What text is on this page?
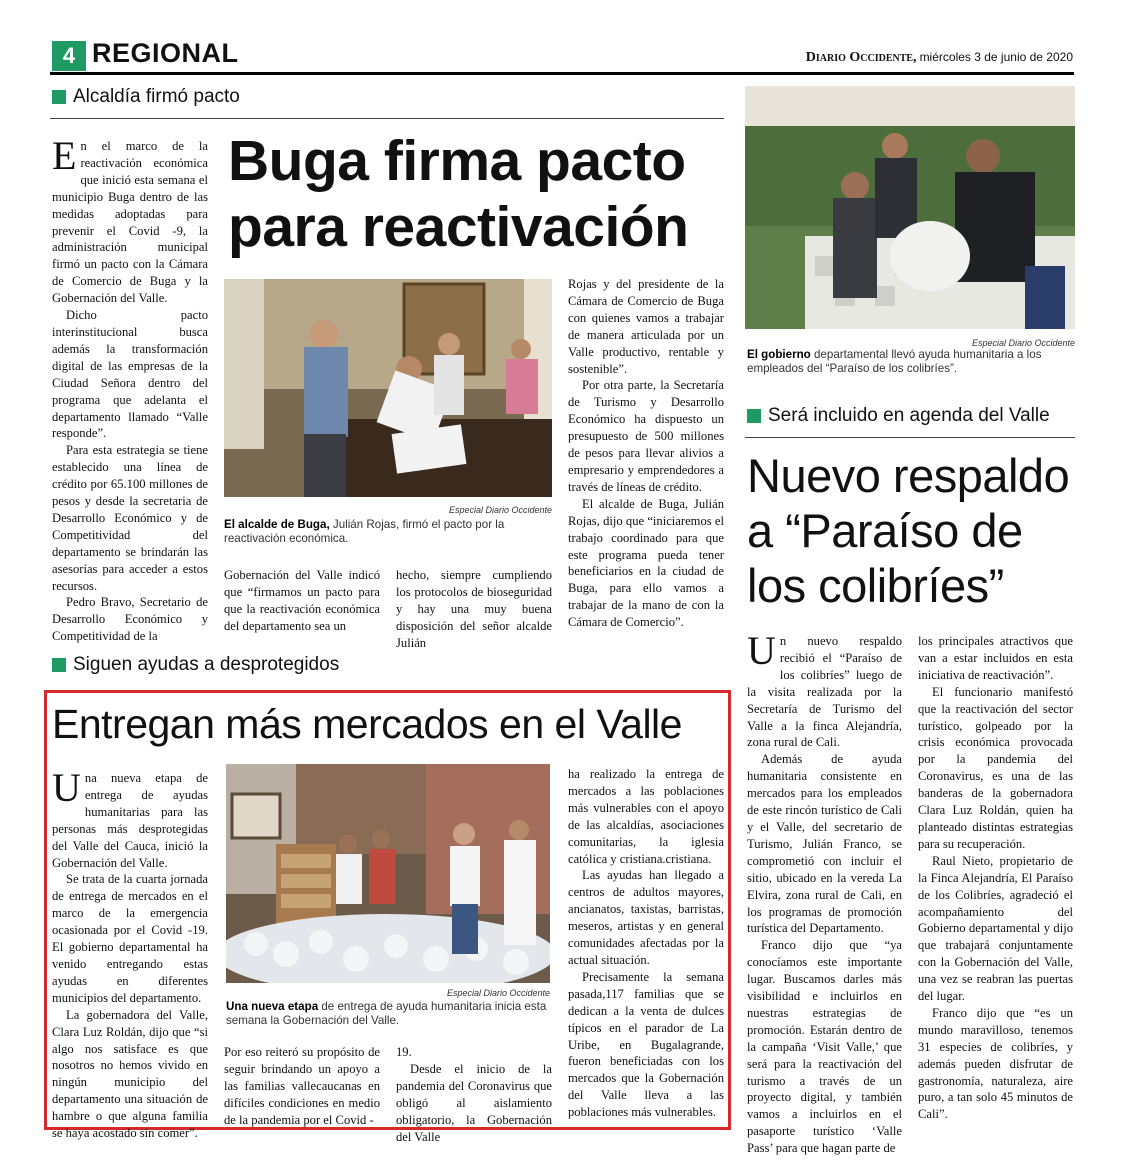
4 REGIONAL	Diario Occidente, miércoles 3 de junio de 2020
Alcaldía firmó pacto
Buga firma pacto
para reactivación

En el marco de la reactivación económica que inició esta semana el municipio Buga dentro de las medidas adoptadas para prevenir el Covid -9, la administración municipal firmó un pacto con la Cámara de Comercio de Buga y la Gobernación del Valle.

Dicho pacto interinstitucional busca además la transformación digital de las empresas de la Ciudad Señora dentro del programa que adelanta el departamento llamado “Valle responde”.

Para esta estrategia se tiene establecido una línea de crédito por 65.100 millones de pesos y desde la secretaria de Desarrollo Económico y de Competitividad del departamento se brindarán las asesorías para acceder a estos recursos.

Pedro Bravo, Secretario de Desarrollo Económico y Competitividad de la

Especial Diario Occidente
El alcalde de Buga, Julián Rojas, firmó el pacto por la reactivación económica.

Gobernación del Valle indicó que “firmamos un pacto para que la reactivación económica del departamento sea un

hecho, siempre cumpliendo los protocolos de bioseguridad y hay una muy buena disposición del señor alcalde Julián

Rojas y del presidente de la Cámara de Comercio de Buga con quienes vamos a trabajar de manera articulada por un Valle productivo, rentable y sostenible”.

Por otra parte, la Secretaría de Turismo y Desarrollo Económico ha dispuesto un presupuesto de 500 millones de pesos para llevar alivios a empresario y emprendedores a través de líneas de crédito.

El alcalde de Buga, Julián Rojas, dijo que “iniciaremos el trabajo coordinado para que este programa pueda tener beneficiarios en la ciudad de Buga, para ello vamos a trabajar de la mano de con la Cámara de Comercio”.

Especial Diario Occidente
El gobierno departamental llevó ayuda humanitaria a los empleados del “Paraíso de los colibríes”.
Será incluido en agenda del Valle
Nuevo respaldo
a “Paraíso de
los colibríes”

Un nuevo respaldo recibió el “Paraíso de los colibríes” luego de la visita realizada por la Secretaría de Turismo del Valle a la finca Alejandría, zona rural de Cali.

Además de ayuda humanitaria consistente en mercados para los empleados de este rincón turístico de Cali y el Valle, del secretario de Turismo, Julián Franco, se comprometió con incluir el sitio, ubicado en la vereda La Elvira, zona rural de Cali, en los programas de promoción turística del Departamento.

Franco dijo que “ya conocíamos este importante lugar. Buscamos darles más visibilidad e incluirlos en nuestras estrategias de promoción. Estarán dentro de la campaña ‘Visit Valle,’ que será para la reactivación del turismo a través de un proyecto digital, y también vamos a incluirlos en el pasaporte turístico ‘Valle Pass’ para que hagan parte de

los principales atractivos que van a estar incluidos en esta iniciativa de reactivación”.

El funcionario manifestó que la reactivación del sector turístico, golpeado por la crisis económica provocada por la pandemia del Coronavirus, es una de las banderas de la gobernadora Clara Luz Roldán, quien ha planteado distintas estrategias para su recuperación.

Raul Nieto, propietario de la Finca Alejandría, El Paraíso de los Colibríes, agradeció el acompañamiento del Gobierno departamental y dijo que trabajará conjuntamente con la Gobernación del Valle, una vez se reabran las puertas del lugar.

Franco dijo que “es un mundo maravilloso, tenemos 31 especies de colibríes, y además pueden disfrutar de gastronomía, naturaleza, aire puro, a tan solo 45 minutos de Cali”.

Siguen ayudas a desprotegidos
Entregan más mercados en el Valle

Una nueva etapa de entrega de ayudas humanitarias para las personas más desprotegidas del Valle del Cauca, inició la Gobernación del Valle.

Se trata de la cuarta jornada de entrega de mercados en el marco de la emergencia ocasionada por el Covid -19. El gobierno departamental ha venido entregando estas ayudas en diferentes municipios del departamento.

La gobernadora del Valle, Clara Luz Roldán, dijo que “si algo nos satisface es que nosotros no hemos vivido en ningún municipio del departamento una situación de hambre o que alguna familia se haya acostado sin comer”.

Especial Diario Occidente
Una nueva etapa de entrega de ayuda humanitaria inicia esta semana la Gobernación del Valle.

Por eso reiteró su propósito de seguir brindando un apoyo a las familias vallecaucanas en difíciles condiciones en medio de la pandemia por el Covid -

19.

Desde el inicio de la pandemia del Coronavirus que obligó al aislamiento obligatorio, la Gobernación del Valle

ha realizado la entrega de mercados a las poblaciones más vulnerables con el apoyo de las alcaldías, asociaciones comunitarias, la iglesia católica y cristiana.cristiana.

Las ayudas han llegado a centros de adultos mayores, ancianatos, taxistas, barristas, meseros, artistas y en general comunidades afectadas por la actual situación.

Precisamente la semana pasada,117 familias que se dedican a la venta de dulces típicos en el parador de La Uribe, en Bugalagrande, fueron beneficiadas con los mercados que la Gobernación del Valle lleva a las poblaciones más vulnerables.
